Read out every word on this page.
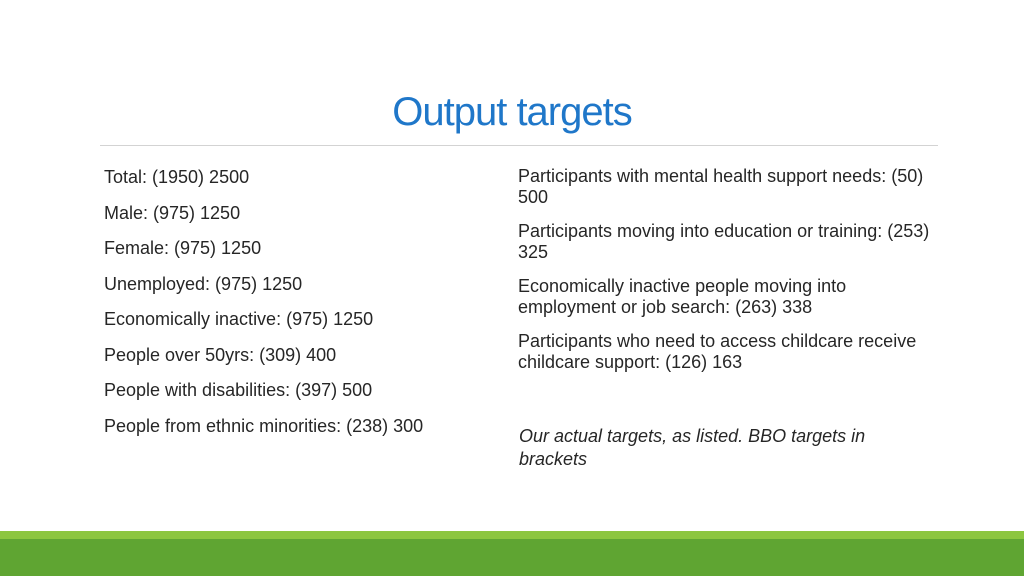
Output targets
Total: (1950) 2500
Male: (975) 1250
Female: (975) 1250
Unemployed: (975) 1250
Economically inactive: (975) 1250
People over 50yrs: (309) 400
People with disabilities: (397) 500
People from ethnic minorities: (238) 300
Participants with mental health support needs: (50) 500
Participants moving into education or training: (253) 325
Economically inactive people moving into employment or job search: (263) 338
Participants who need to access childcare receive childcare support: (126) 163
Our actual targets, as listed. BBO targets in brackets
